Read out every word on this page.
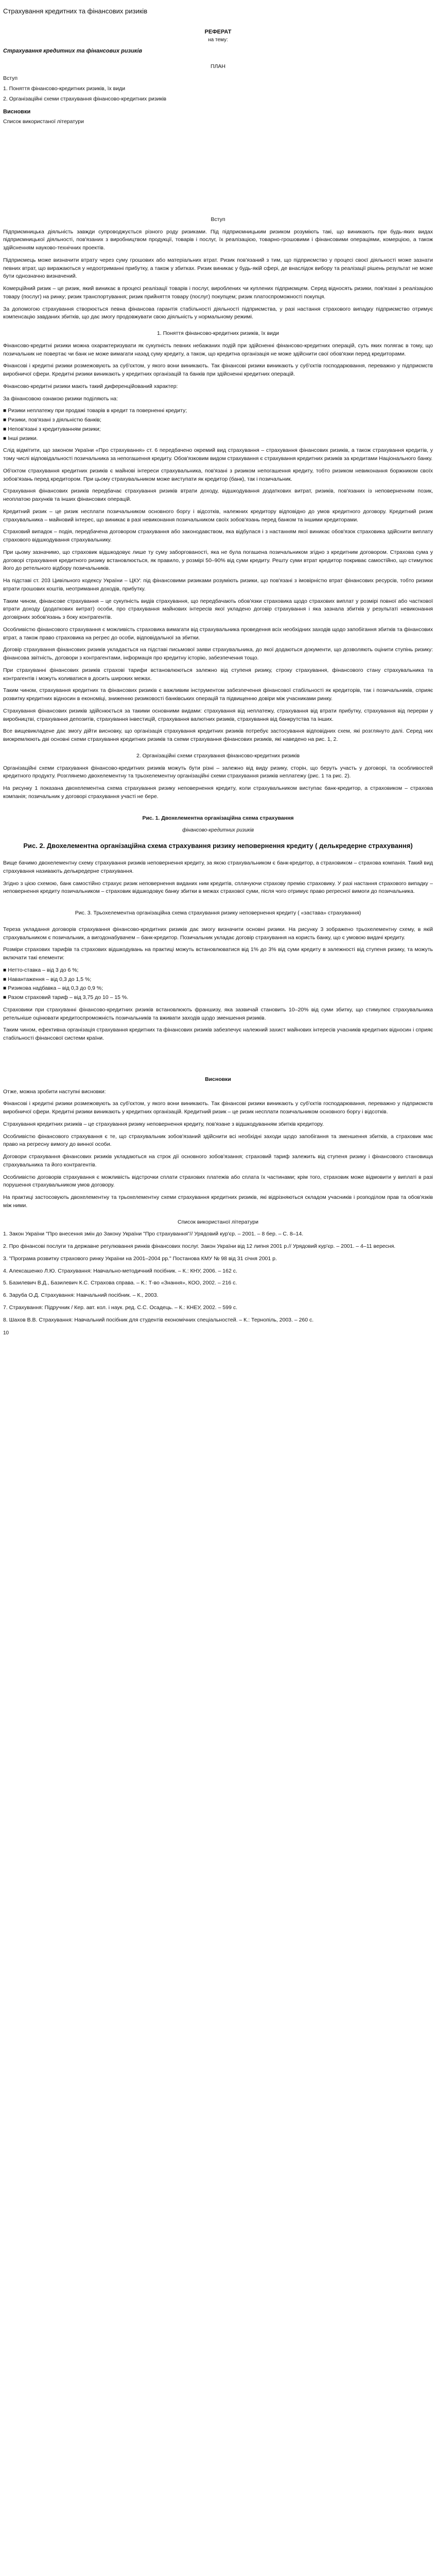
Страхування кредитних та фінансових ризиків
РЕФЕРАТ
на тему:
Страхування кредитних та фінансових ризиків
ПЛАН
Вступ
1. Поняття фінансово-кредитних ризиків, їх види
2. Організаційні схеми страхування фінансово-кредитних ризиків
Висновки
Список використаної літератури
Вступ

Підприємницька діяльність завжди супроводжується різного роду ризиками. Під підприємницьким ризиком розуміють такі, що виникають при будь-яких видах підприємницької діяльності, пов'язаних з виробництвом продукції, товарів і послуг, їх реалізацією, товарно-грошовими і фінансовими операціями, комерцією, а також здійсненням науково-технічних проектів.

Підприємець може визначити втрату через суму грошових або матеріальних втрат. Ризик пов'язаний з тим, що підприємство у процесі своєї діяльності може зазнати певних втрат, що виражаються у недоотриманні прибутку, а також у збитках. Ризик виникає у будь-якій сфері, де внаслідок вибору та реалізації рішень результат не може бути однозначно визначений.

Комерційний ризик – це ризик, який виникає в процесі реалізації товарів і послуг, вироблених чи куплених підприємцем. Серед відносять ризики, пов'язані з реалізацією товару (послуг) на ринку; ризик транспортування; ризик прийняття товару (послуг) покупцем; ризик платоспроможності покупця.

За допомогою страхування створюється певна фінансова гарантія стабільності діяльності підприємства, у разі настання страхового випадку підприємство отримує компенсацію завданих збитків, що дає змогу продовжувати свою діяльність у нормальному режимі.

1. Поняття фінансово-кредитних ризиків, їх види

Фінансово-кредитні ризики можна охарактеризувати як сукупність певних небажаних подій при здійсненні фінансово-кредитних операцій, суть яких полягає в тому, що позичальник не повертає чи банк не може вимагати назад суму кредиту, а також, що кредитна організація не може здійснити свої обов'язки перед кредиторами.

Фінансові і кредитні ризики розмежовують за суб'єктом, у якого вони виникають. Так фінансові ризики виникають у суб'єктів господарювання, переважно у підприємств виробничої сфери. Кредитні ризики виникають у кредитних організацій та банків при здійсненні кредитних операцій.

Фінансово-кредитні ризики мають такий диференційований характер:

За фінансовою ознакою ризики поділяють на:

■ Ризики неплатежу при продажі товарів в кредит та поверненні кредиту;
■ Ризики, пов'язані з діяльністю банків;
■ Непов'язані з кредитуванням ризики;
■ Інші ризики.

Слід відмітити, що законом України «Про страхування» ст. 6 передбачено окремий вид страхування – страхування фінансових ризиків, а також страхування кредитів, у тому числі відповідальності позичальника за непогашення кредиту. Обов'язковим видом страхування є страхування кредитних ризиків за кредитами Національного банку.

Об'єктом страхування кредитних ризиків є майнові інтереси страхувальника, пов'язані з ризиком непогашення кредиту, тобто ризиком невиконання боржником своїх зобов'язань перед кредитором. При цьому страхувальником може виступати як кредитор (банк), так і позичальник.

Страхування фінансових ризиків передбачає страхування ризиків втрати доходу, відшкодування додаткових витрат, ризиків, пов'язаних із неповерненням позик, неоплатою рахунків та інших фінансових операцій.

Кредитний ризик – це ризик несплати позичальником основного боргу і відсотків, належних кредитору відповідно до умов кредитного договору. Кредитний ризик страхувальника – майновий інтерес, що виникає в разі невиконання позичальником своїх зобов'язань перед банком та іншими кредиторами.

Страховий випадок – подія, передбачена договором страхування або законодавством, яка відбулася і з настанням якої виникає обов'язок страховика здійснити виплату страхового відшкодування страхувальнику.

При цьому зазначимо, що страховик відшкодовує лише ту суму заборгованості, яка не була погашена позичальником згідно з кредитним договором. Страхова сума у договорі страхування кредитного ризику встановлюється, як правило, у розмірі 50–90% від суми кредиту. Решту суми втрат кредитор покриває самостійно, що стимулює його до ретельного відбору позичальників.

На підставі ст. 203 Цивільного кодексу України – ЦКУ: під фінансовими ризиками розуміють ризики, що пов'язані з імовірністю втрат фінансових ресурсів, тобто ризики втрати грошових коштів, неотримання доходів, прибутку.

Таким чином, фінансове страхування – це сукупність видів страхування, що передбачають обов'язки страховика щодо страхових виплат у розмірі повної або часткової втрати доходу (додаткових витрат) особи, про страхування майнових інтересів якої укладено договір страхування і яка зазнала збитків у результаті невиконання договірних зобов'язань з боку контрагентів.

Особливістю фінансового страхування є можливість страховика вимагати від страхувальника проведення всіх необхідних заходів щодо запобігання збитків та фінансових втрат, а також право страховика на регрес до особи, відповідальної за збитки.

Договір страхування фінансових ризиків укладається на підставі письмової заяви страхувальника, до якої додаються документи, що дозволяють оцінити ступінь ризику: фінансова звітність, договори з контрагентами, інформація про кредитну історію, забезпечення тощо.

При страхуванні фінансових ризиків страхові тарифи встановлюються залежно від ступеня ризику, строку страхування, фінансового стану страхувальника та контрагентів і можуть коливатися в досить широких межах.

Таким чином, страхування кредитних та фінансових ризиків є важливим інструментом забезпечення фінансової стабільності як кредиторів, так і позичальників, сприяє розвитку кредитних відносин в економіці, зниженню ризиковості банківських операцій та підвищенню довіри між учасниками ринку.

Страхування фінансових ризиків здійснюється за такими основними видами: страхування від неплатежу, страхування від втрати прибутку, страхування від перерви у виробництві, страхування депозитів, страхування інвестицій, страхування валютних ризиків, страхування від банкрутства та інших.

Все вищевикладене дає змогу дійти висновку, що організація страхування кредитних ризиків потребує застосування відповідних схем, які розглянуто далі. Серед них виокремлюють дві основні схеми страхування кредитних ризиків та схеми страхування фінансових ризиків, які наведено на рис. 1, 2.

2. Організаційні схеми страхування фінансово-кредитних ризиків

Організаційні схеми страхування фінансово-кредитних ризиків можуть бути різні – залежно від виду ризику, сторін, що беруть участь у договорі, та особливостей кредитного продукту. Розглянемо двохелементну та трьохелементну організаційні схеми страхування ризиків неплатежу (рис. 1 та рис. 2).

На рисунку 1 показана двохелементна схема страхування ризику неповернення кредиту, коли страхувальником виступає банк-кредитор, а страховиком – страхова компанія; позичальник у договорі страхування участі не бере.

Рис. 1. Двохелементна організаційна схема страхування
фінансово-кредитних ризиків
Рис. 2. Двохелементна організаційна схема страхування ризику неповернення кредиту ( делькредерне страхування)

Вище бачимо двохелементну схему страхування ризиків неповернення кредиту, за якою страхувальником є банк-кредитор, а страховиком – страхова компанія. Такий вид страхування називають делькредерне страхування.

Згідно з цією схемою, банк самостійно страхує ризик неповернення виданих ним кредитів, сплачуючи страхову премію страховику. У разі настання страхового випадку – неповернення кредиту позичальником – страховик відшкодовує банку збитки в межах страхової суми, після чого отримує право регресної вимоги до позичальника.

Рис. 3. Трьохелементна організаційна схема страхування ризику неповернення кредиту ( «застава» страхування)

Тереза укладання договорів страхування фінансово-кредитних ризиків дає змогу визначити основні ризики. На рисунку 3 зображено трьохелементну схему, в якій страхувальником є позичальник, а вигодонабувачем – банк-кредитор. Позичальник укладає договір страхування на користь банку, що є умовою видачі кредиту.

Розміри страхових тарифів та страхових відшкодувань на практиці можуть встановлюватися від 1% до 3% від суми кредиту в залежності від ступеня ризику, та можуть включати такі елементи:

■ Нетто-ставка – від 3 до 6 %;
■ Навантаження – від 0,3 до 1,5 %;
■ Ризикова надбавка – від 0,3 до 0,9 %;
■ Разом страховий тариф – від 3,75 до 10 – 15 %.

Страховики при страхуванні фінансово-кредитних ризиків встановлюють франшизу, яка зазвичай становить 10–20% від суми збитку, що стимулює страхувальника ретельніше оцінювати кредитоспроможність позичальників та вживати заходів щодо зменшення ризиків.

Таким чином, ефективна організація страхування кредитних та фінансових ризиків забезпечує належний захист майнових інтересів учасників кредитних відносин і сприяє стабільності фінансової системи країни.

Висновки

Отже, можна зробити наступні висновки:

Фінансові і кредитні ризики розмежовують за суб'єктом, у якого вони виникають. Так фінансові ризики виникають у суб'єктів господарювання, переважно у підприємств виробничої сфери. Кредитні ризики виникають у кредитних організацій. Кредитний ризик – це ризик несплати позичальником основного боргу і відсотків.

Страхування кредитних ризиків – це страхування ризику неповернення кредиту, пов'язане з відшкодуванням збитків кредитору.

Особливістю фінансового страхування є те, що страхувальник зобов'язаний здійснити всі необхідні заходи щодо запобігання та зменшення збитків, а страховик має право на регресну вимогу до винної особи.

Договори страхування фінансових ризиків укладаються на строк дії основного зобов'язання; страховий тариф залежить від ступеня ризику і фінансового становища страхувальника та його контрагентів.

Особливістю договорів страхування є можливість відстрочки сплати страхових платежів або сплата їх частинами; крім того, страховик може відмовити у виплаті в разі порушення страхувальником умов договору.

На практиці застосовують двохелементну та трьохелементну схеми страхування кредитних ризиків, які відрізняються складом учасників і розподілом прав та обов'язків між ними.

Список використаної літератури

1. Закон України "Про внесення змін до Закону України "Про страхування"// Урядовий кур'єр. – 2001. – 8 бер. – С. 8–14.

2. Про фінансові послуги та державне регулювання ринків фінансових послуг. Закон України від 12 липня 2001 р.// Урядовий кур'єр. – 2001. – 4–11 вересня.

3. "Програма розвитку страхового ринку України на 2001–2004 рр." Постанова КМУ № 98 від 31 січня 2001 р.

4. Алексашенко Л.Ю. Страхування: Навчально-методичний посібник. – К.: КНУ, 2006. – 162 с.

5. Базилевич В.Д., Базилевич К.С. Страхова справа. – К.: Т-во «Знання», КОО, 2002. – 216 с.

6. Заруба О.Д. Страхування: Навчальний посібник. – К., 2003.

7. Страхування: Підручник / Кер. авт. кол. і наук. ред. С.С. Осадець. – К.: КНЕУ, 2002. – 599 с.

8. Шахов В.В. Страхування: Навчальний посібник для студентів економічних спеціальностей. – К.: Тернопіль, 2003. – 260 с.

10
